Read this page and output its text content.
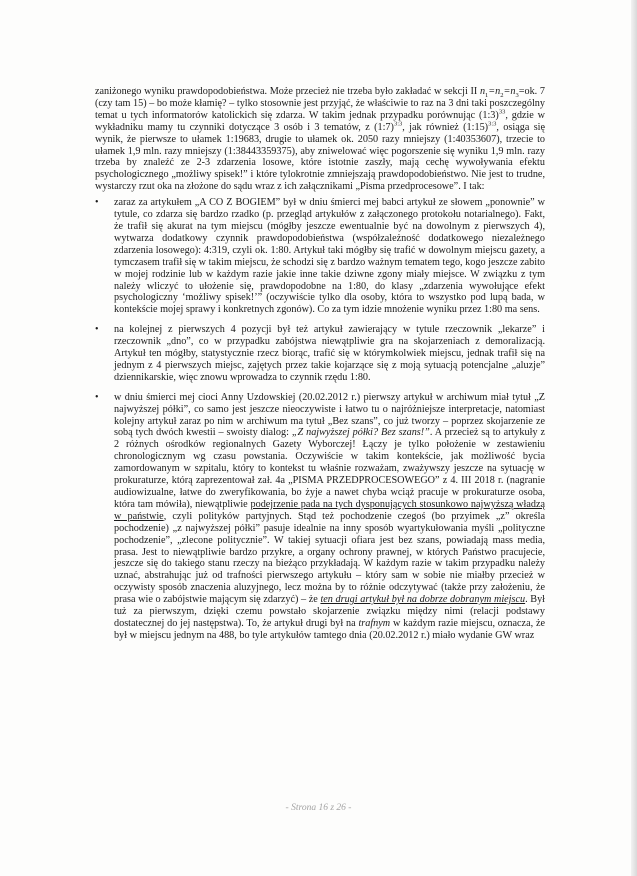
zaniżonego wyniku prawdopodobieństwa. Może przecież nie trzeba było zakładać w sekcji II $n_1=n_2=n_3=ok$. 7 (czy tam 15) – bo może kłamię? – tylko stosownie jest przyjąć, że właściwie to raz na 3 dni taki poszczególny temat u tych informatorów katolickich się zdarza. W takim jednak przypadku porównując (1:3)$^{33}$, gdzie w wykładniku mamy tu czynniki dotyczące 3 osób i 3 tematów, z (1:7)$^{3:3}$, jak również (1:15)$^{3:3}$, osiąga się wynik, że pierwsze to ułamek 1:19683, drugie to ułamek ok. 2050 razy mniejszy (1:40353607), trzecie to ułamek 1,9 mln. razy mniejszy (1:38443359375), aby zniwelować więc pogorszenie się wyniku 1,9 mln. razy trzeba by znaleźć ze 2-3 zdarzenia losowe, które istotnie zaszły, mają cechę wywoływania efektu psychologicznego „możliwy spisek!” i które tylokrotnie zmniejszają prawdopodobieństwo. Nie jest to trudne, wystarczy rzut oka na złożone do sądu wraz z ich załącznikami „Pisma przedprocesowe”. I tak:

• zaraz za artykułem „A CO Z BOGIEM” był w dniu śmierci mej babci artykuł ze słowem „ponownie” w tytule, co zdarza się bardzo rzadko (p. przegląd artykułów z załączonego protokołu notarialnego). Fakt, że trafił się akurat na tym miejscu (mógłby jeszcze ewentualnie być na dowolnym z pierwszych 4), wytwarza dodatkowy czynnik prawdopodobieństwa (współzależność dodatkowego niezależnego zdarzenia losowego): 4:319, czyli ok. 1:80. Artykuł taki mógłby się trafić w dowolnym miejscu gazety, a tymczasem trafił się w takim miejscu, że schodzi się z bardzo ważnym tematem tego, kogo jeszcze zabito w mojej rodzinie lub w każdym razie jakie inne takie dziwne zgony miały miejsce. W związku z tym należy wliczyć to ułożenie się, prawdopodobne na 1:80, do klasy „zdarzenia wywołujące efekt psychologiczny ‘możliwy spisek!’” (oczywiście tylko dla osoby, która to wszystko pod lupą bada, w kontekście mojej sprawy i konkretnych zgonów). Co za tym idzie mnożenie wyniku przez 1:80 ma sens.
• na kolejnej z pierwszych 4 pozycji był też artykuł zawierający w tytule rzeczownik „lekarze” i rzeczownik „dno”, co w przypadku zabójstwa niewątpliwie gra na skojarzeniach z demoralizacją. Artykuł ten mógłby, statystycznie rzecz biorąc, trafić się w którymkolwiek miejscu, jednak trafił się na jednym z 4 pierwszych miejsc, zajętych przez takie kojarzące się z moją sytuacją potencjalne „aluzje” dziennikarskie, więc znowu wprowadza to czynnik rzędu 1:80.
• w dniu śmierci mej cioci Anny Uzdowskiej (20.02.2012 r.) pierwszy artykuł w archiwum miał tytuł „Z najwyższej półki”, co samo jest jeszcze nieoczywiste i łatwo tu o najróżniejsze interpretacje, natomiast kolejny artykuł zaraz po nim w archiwum ma tytuł „Bez szans”, co już tworzy – poprzez skojarzenie ze sobą tych dwóch kwestii – swoisty dialog: „Z najwyższej półki? Bez szans!”. A przecież są to artykuły z 2 różnych ośrodków regionalnych Gazety Wyborczej! Łączy je tylko położenie w zestawieniu chronologicznym wg czasu powstania. Oczywiście w takim kontekście, jak możliwość bycia zamordowanym w szpitalu, który to kontekst tu właśnie rozważam, zważywszy jeszcze na sytuację w prokuraturze, którą zaprezentował zał. 4a „PISMA PRZEDPROCESOWEGO” z 4. III 2018 r. (nagranie audiowizualne, łatwe do zweryfikowania, bo żyje a nawet chyba wciąż pracuje w prokuraturze osoba, która tam mówiła), niewątpliwie podejrzenie pada na tych dysponujących stosunkowo najwyższą władzą w państwie, czyli polityków partyjnych. Stąd też pochodzenie czegoś (bo przyimek „z” określa pochodzenie) „z najwyższej półki” pasuje idealnie na inny sposób wyartykułowania myśli „polityczne pochodzenie”, „zlecone politycznie”. W takiej sytuacji ofiara jest bez szans, powiadają mass media, prasa. Jest to niewątpliwie bardzo przykre, a organy ochrony prawnej, w których Państwo pracujecie, jeszcze się do takiego stanu rzeczy na bieżąco przykładają. W każdym razie w takim przypadku należy uznać, abstrahując już od trafności pierwszego artykułu – który sam w sobie nie miałby przecież w oczywisty sposób znaczenia aluzyjnego, lecz można by to różnie odczytywać (także przy założeniu, że prasa wie o zabójstwie mającym się zdarzyć) – że ten drugi artykuł był na dobrze dobranym miejscu. Był tuż za pierwszym, dzięki czemu powstało skojarzenie związku między nimi (relacji podstawy dostatecznej do jej następstwa). To, że artykuł drugi był na trafnym w każdym razie miejscu, oznacza, że był w miejscu jednym na 488, bo tyle artykułów tamtego dnia (20.02.2012 r.) miało wydanie GW wraz
- Strona 16 z 26 -
